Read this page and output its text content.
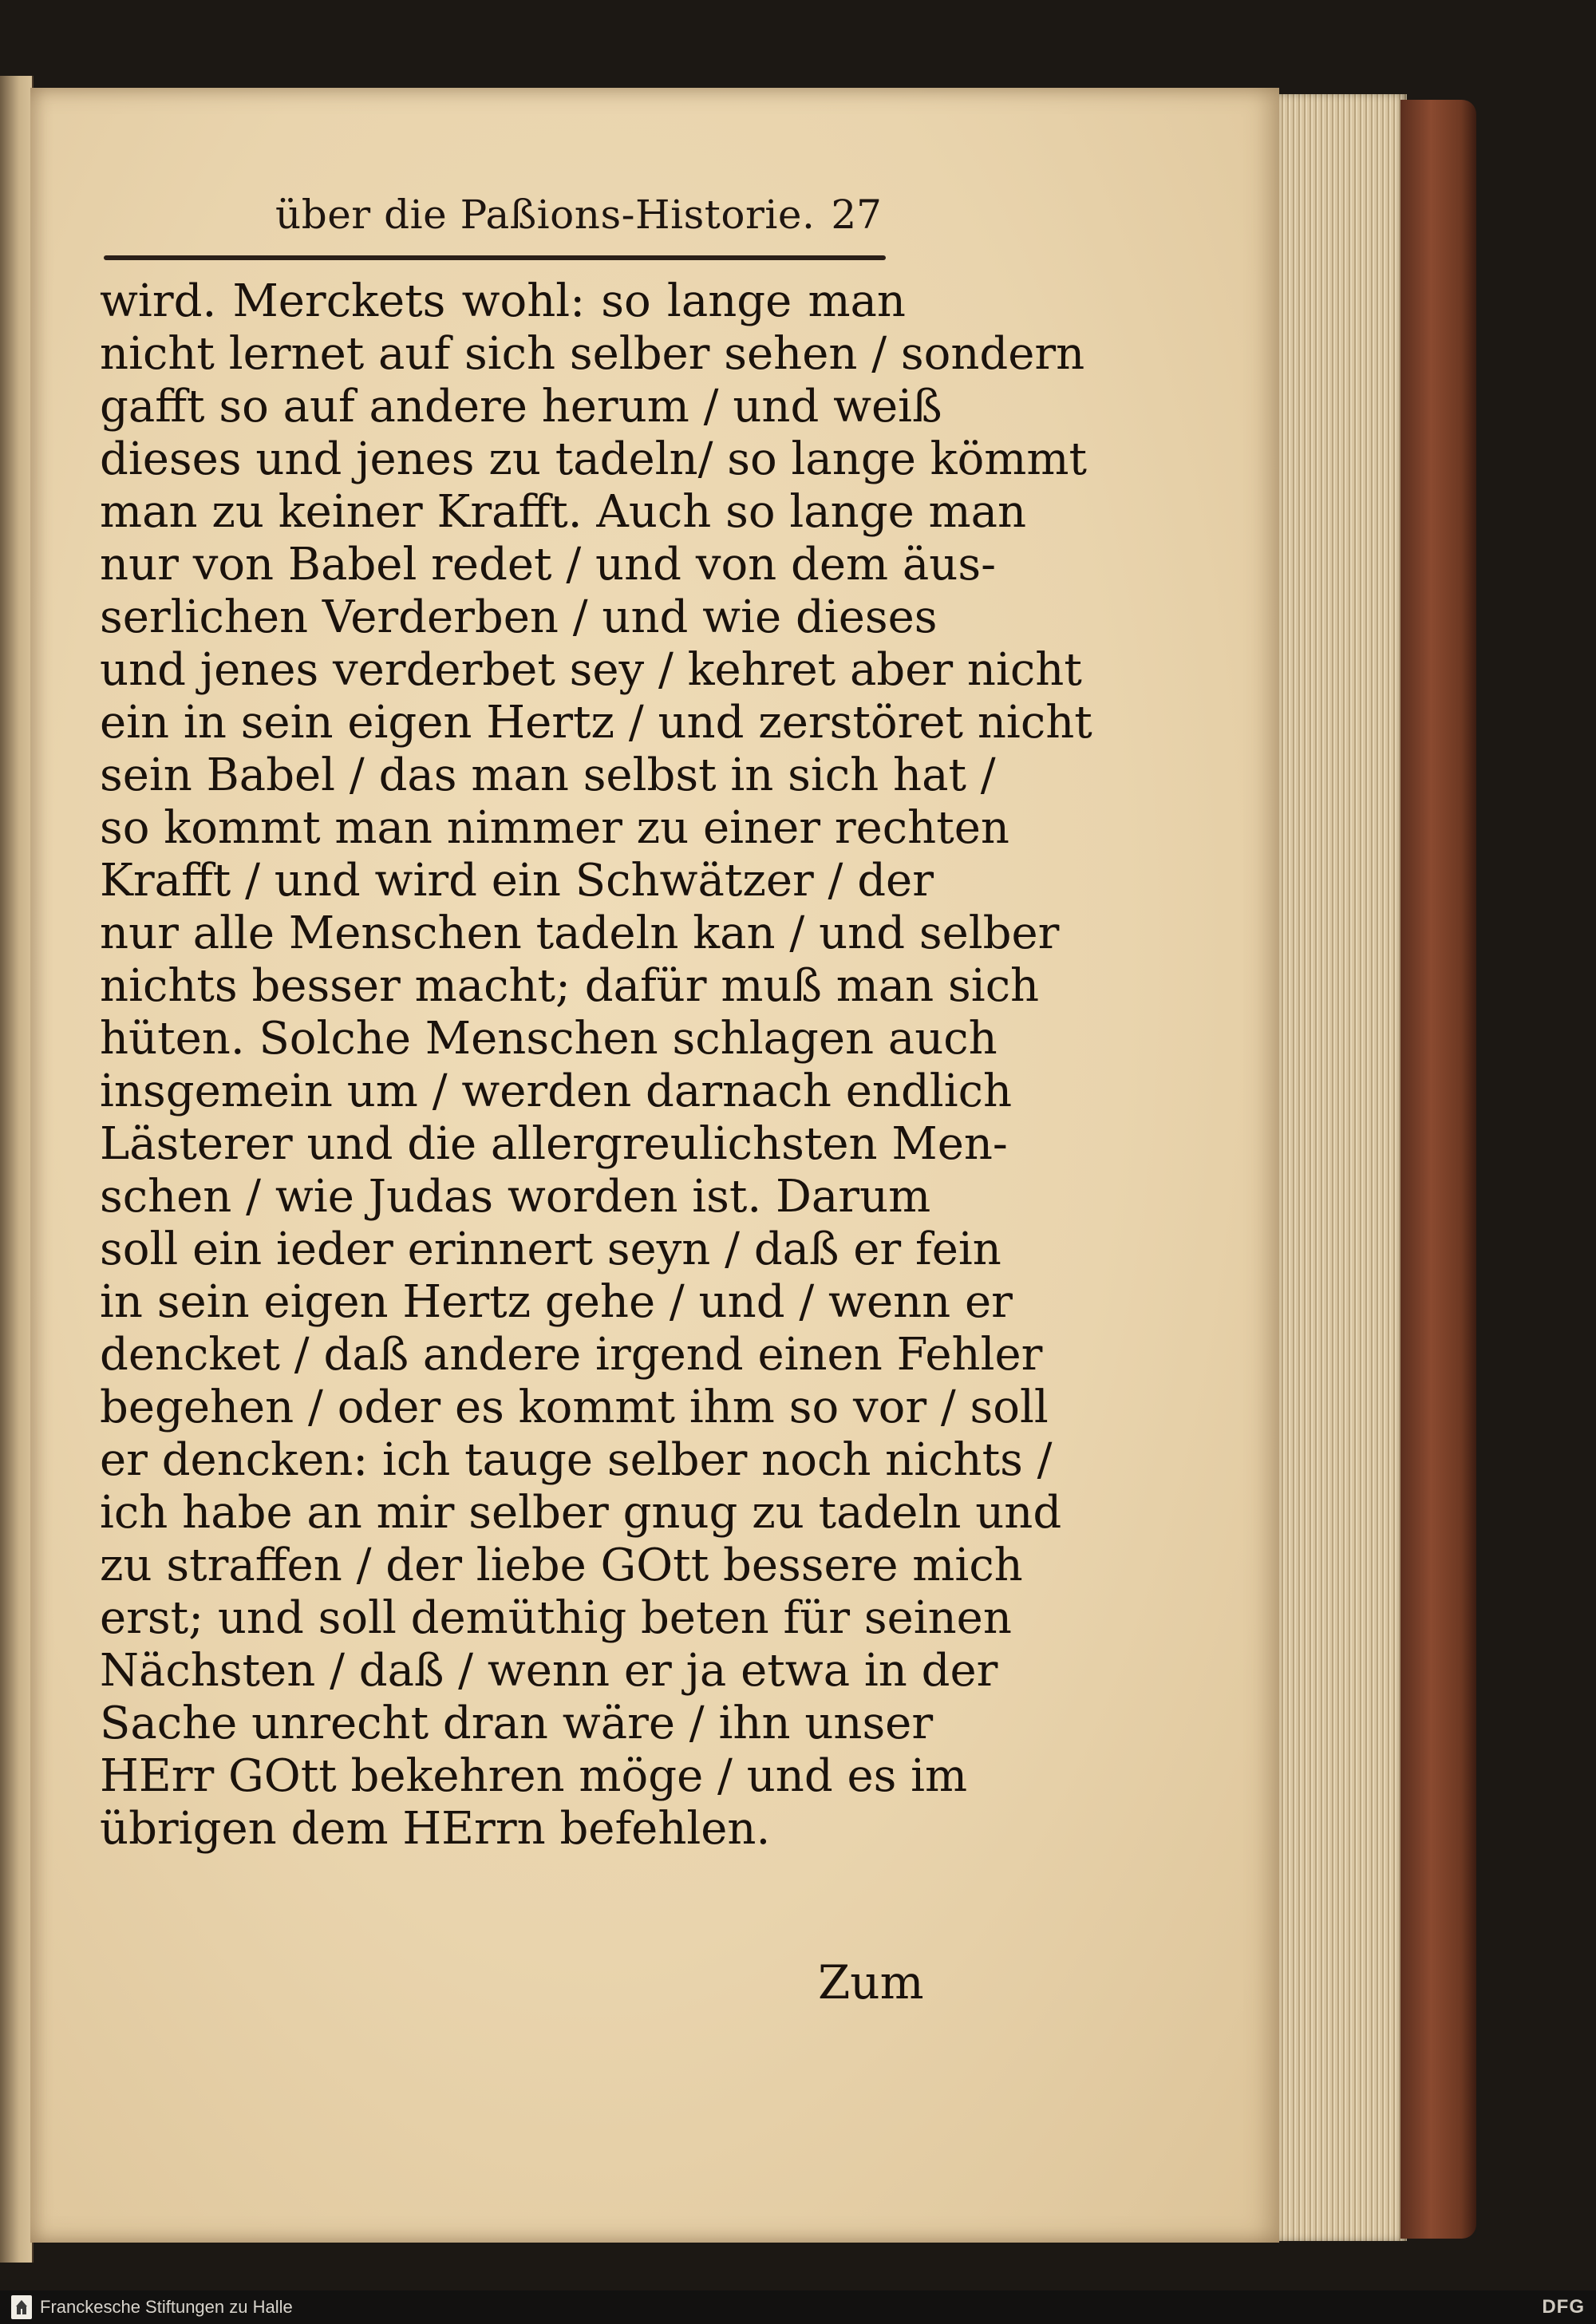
über die Paßions-Historie. 27
wird. Merckets wohl: so lange man
nicht lernet auf sich selber sehen / sondern
gafft so auf andere herum / und weiß
dieses und jenes zu tadeln/ so lange kömmt
man zu keiner Krafft. Auch so lange man
nur von Babel redet / und von dem äus-
serlichen Verderben / und wie dieses
und jenes verderbet sey / kehret aber nicht
ein in sein eigen Hertz / und zerstöret nicht
sein Babel / das man selbst in sich hat /
so kommt man nimmer zu einer rechten
Krafft / und wird ein Schwätzer / der
nur alle Menschen tadeln kan / und selber
nichts besser macht; dafür muß man sich
hüten. Solche Menschen schlagen auch
insgemein um / werden darnach endlich
Lästerer und die allergreulichsten Men-
schen / wie Judas worden ist. Darum
soll ein ieder erinnert seyn / daß er fein
in sein eigen Hertz gehe / und / wenn er
dencket / daß andere irgend einen Fehler
begehen / oder es kommt ihm so vor / soll
er dencken: ich tauge selber noch nichts /
ich habe an mir selber gnug zu tadeln und
zu straffen / der liebe GOtt bessere mich
erst; und soll demüthig beten für seinen
Nächsten / daß / wenn er ja etwa in der
Sache unrecht dran wäre / ihn unser
HErr GOtt bekehren möge / und es im
übrigen dem HErrn befehlen.
Zum
Franckesche Stiftungen zu Halle	DFG
